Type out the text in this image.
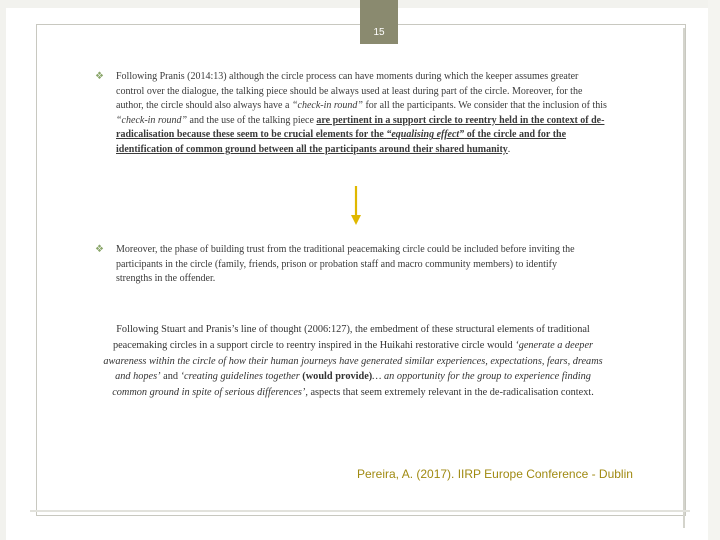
15
❖ Following Pranis (2014:13) although the circle process can have moments during which the keeper assumes greater control over the dialogue, the talking piece should be always used at least during part of the circle. Moreover, for the author, the circle should also always have a “check-in round” for all the participants. We consider that the inclusion of this “check-in round” and the use of the talking piece are pertinent in a support circle to reentry held in the context of de-radicalisation because these seem to be crucial elements for the “equalising effect” of the circle and for the identification of common ground between all the participants around their shared humanity.
❖ Moreover, the phase of building trust from the traditional peacemaking circle could be included before inviting the participants in the circle (family, friends, prison or probation staff and macro community members) to identify strengths in the offender.
Following Stuart and Pranis’s line of thought (2006:127), the embedment of these structural elements of traditional peacemaking circles in a support circle to reentry inspired in the Huikahi restorative circle would ‘generate a deeper awareness within the circle of how their human journeys have generated similar experiences, expectations, fears, dreams and hopes’ and ‘creating guidelines together (would provide)… an opportunity for the group to experience finding common ground in spite of serious differences’, aspects that seem extremely relevant in the de-radicalisation context.
Pereira, A. (2017). IIRP Europe Conference - Dublin
